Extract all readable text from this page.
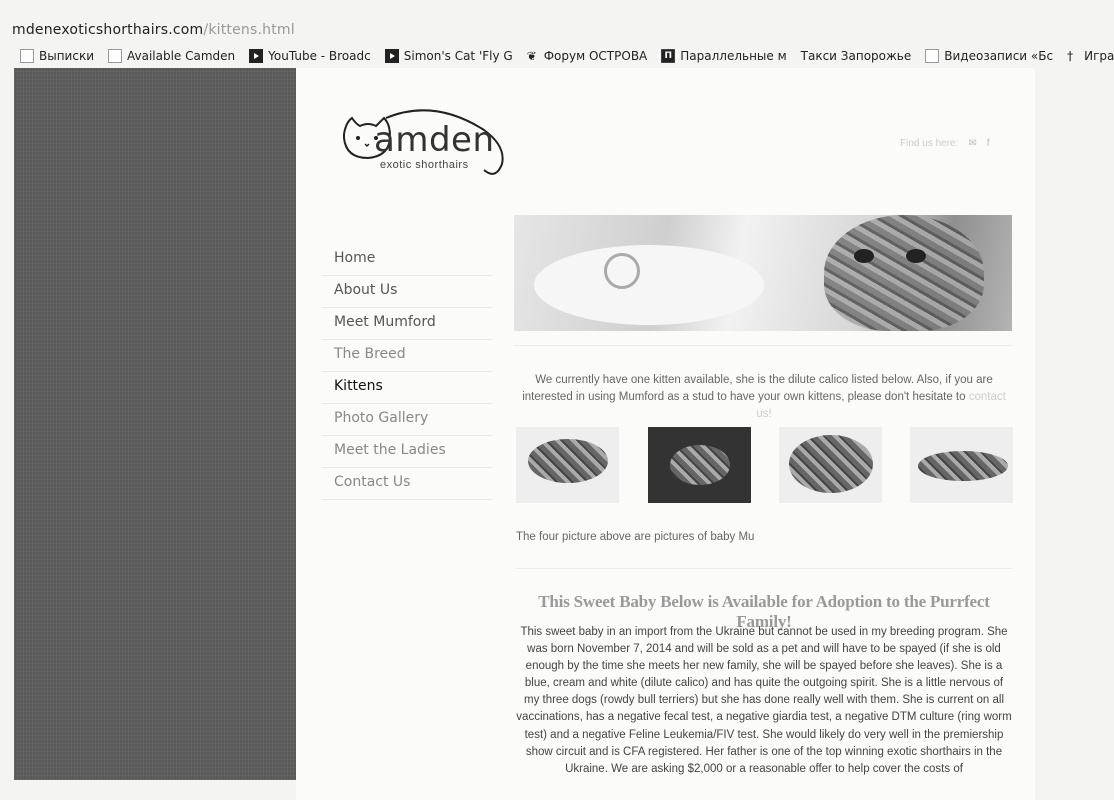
mdenexoticshorthairs.com/kittens.html
Выписки	Available Camden	YouTube - Broadc	Simon's Cat 'Fly G ❦ Форум ОСТРОВА	П Параллельные м Такси Запорожье	Видеозаписи «Бс † Игра
amden
exotic shorthairs
Find us here: ✉ f
Home
About Us
Meet Mumford
The Breed
Kittens
Photo Gallery
Meet the Ladies
Contact Us

We currently have one kitten available, she is the dilute calico listed below. Also, if you are interested in using Mumford as a stud to have your own kittens, please don't hesitate to contact us!

The four picture above are pictures of baby Mu

This Sweet Baby Below is Available for Adoption to the Purrfect Family!

This sweet baby in an import from the Ukraine but cannot be used in my breeding program. She was born November 7, 2014 and will be sold as a pet and will have to be spayed (if she is old enough by the time she meets her new family, she will be spayed before she leaves). She is a blue, cream and white (dilute calico) and has quite the outgoing spirit. She is a little nervous of my three dogs (rowdy bull terriers) but she has done really well with them. She is current on all vaccinations, has a negative fecal test, a negative giardia test, a negative DTM culture (ring worm test) and a negative Feline Leukemia/FIV test. She would likely do very well in the premiership show circuit and is CFA registered. Her father is one of the top winning exotic shorthairs in the Ukraine. We are asking $2,000 or a reasonable offer to help cover the costs of
